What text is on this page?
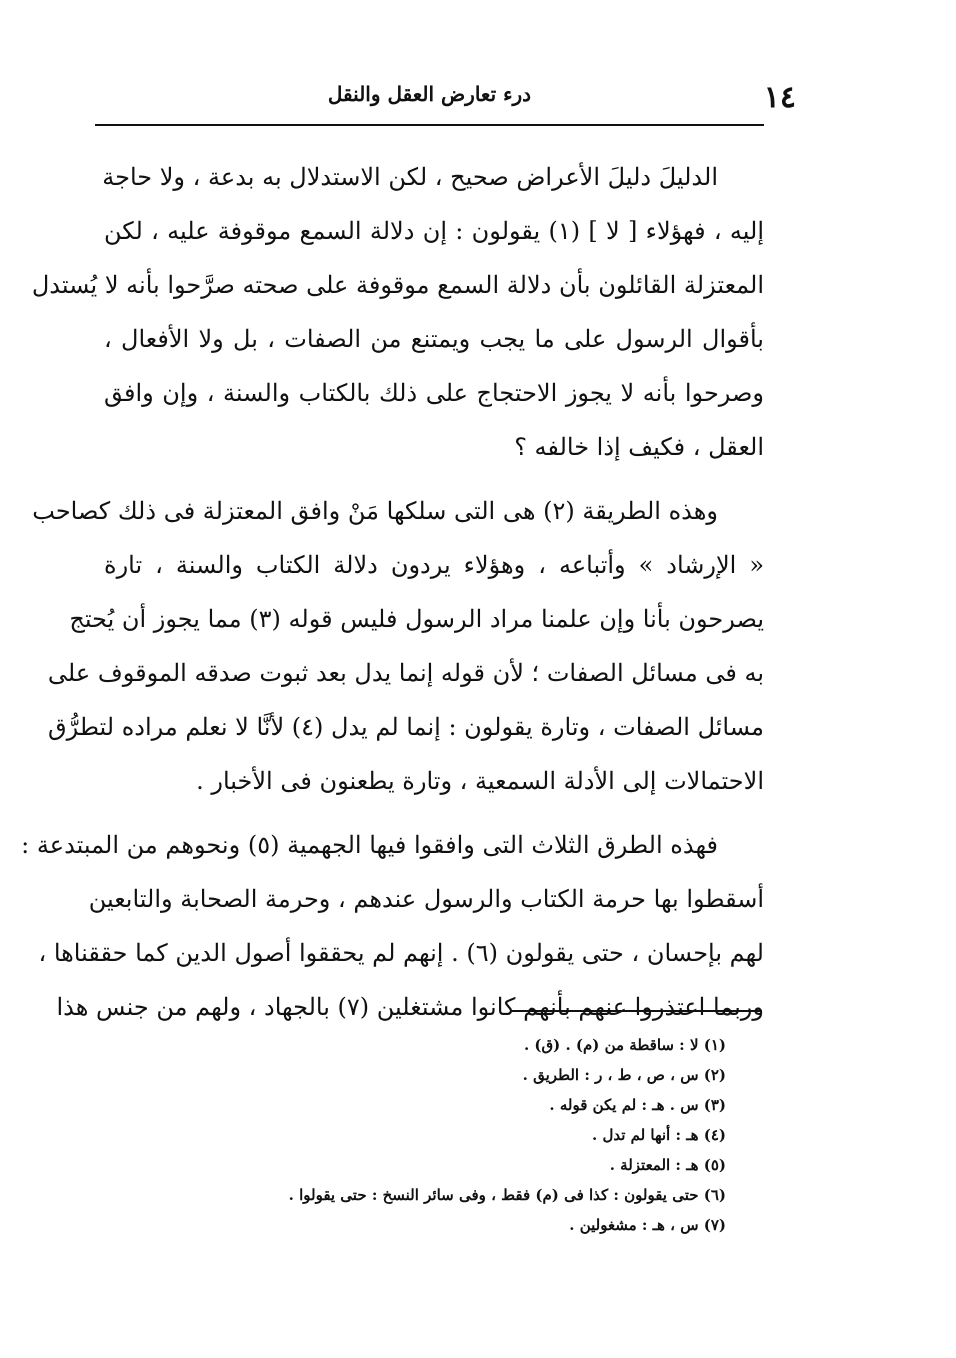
١٤
درء تعارض العقل والنقل
الدليلَ دليلَ الأعراض صحيح ، لكن الاستدلال به بدعة ، ولا حاجة
إليه ، فهؤلاء [ لا ] (١) يقولون : إن دلالة السمع موقوفة عليه ، لكن
المعتزلة القائلون بأن دلالة السمع موقوفة على صحته صرَّحوا بأنه لا يُستدل
بأقوال الرسول على ما يجب ويمتنع من الصفات ، بل ولا الأفعال ،
وصرحوا بأنه لا يجوز الاحتجاج على ذلك بالكتاب والسنة ، وإن وافق
العقل ، فكيف إذا خالفه ؟
وهذه الطريقة (٢) هى التى سلكها مَنْ وافق المعتزلة فى ذلك كصاحب
« الإرشاد » وأتباعه ، وهؤلاء يردون دلالة الكتاب والسنة ، تارة
يصرحون بأنا وإن علمنا مراد الرسول فليس قوله (٣) مما يجوز أن يُحتج
به فى مسائل الصفات ؛ لأن قوله إنما يدل بعد ثبوت صدقه الموقوف على
مسائل الصفات ، وتارة يقولون : إنما لم يدل (٤) لأنَّا لا نعلم مراده لتطرُّق
الاحتمالات إلى الأدلة السمعية ، وتارة يطعنون فى الأخبار .
فهذه الطرق الثلاث التى وافقوا فيها الجهمية (٥) ونحوهم من المبتدعة :
أسقطوا بها حرمة الكتاب والرسول عندهم ، وحرمة الصحابة والتابعين
لهم بإحسان ، حتى يقولون (٦) . إنهم لم يحققوا أصول الدين كما حققناها ،
وربما اعتذروا عنهم بأنهم كانوا مشتغلين (٧) بالجهاد ، ولهم من جنس هذا
(١) لا : ساقطة من (م) . (ق) .
(٢) س ، ص ، ط ، ر : الطريق .
(٣) س . هـ : لم يكن قوله .
(٤) هـ : أنها لم تدل .
(٥) هـ : المعتزلة .
(٦) حتى يقولون : كذا فى (م) فقط ، وفى سائر النسخ : حتى يقولوا .
(٧) س ، هـ : مشغولين .
